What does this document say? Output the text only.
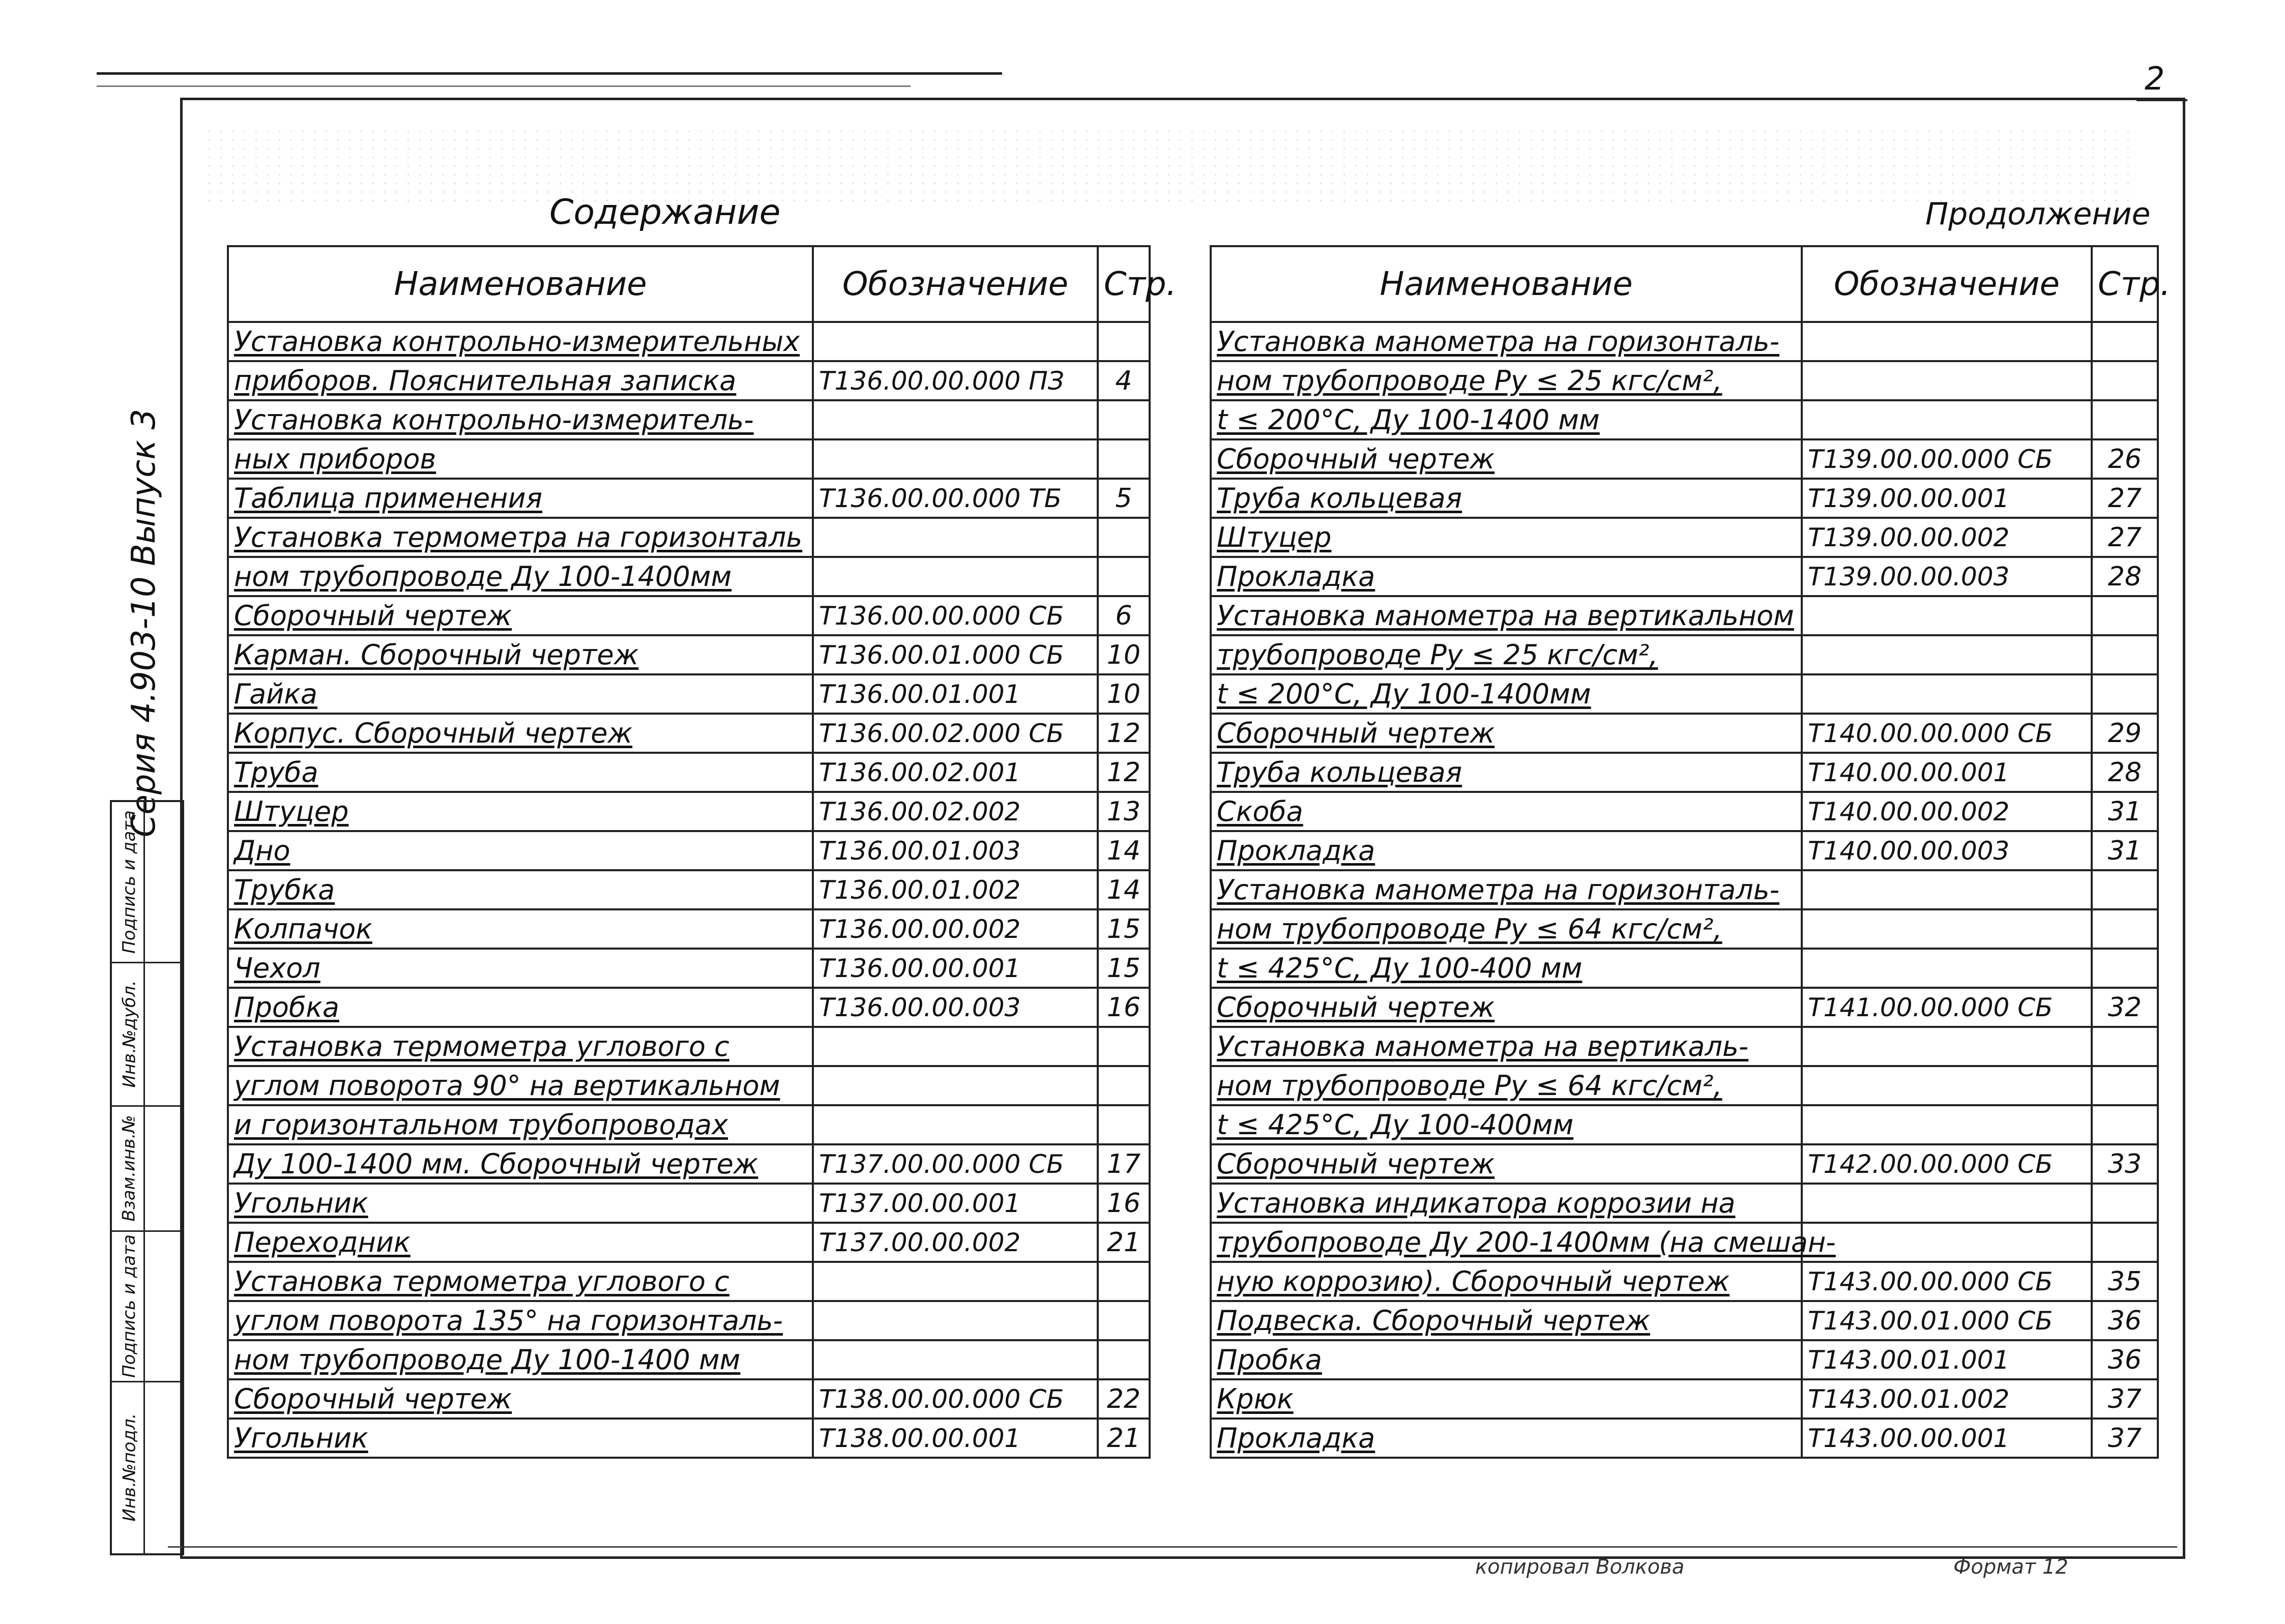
2
Серия 4.903-10 Выпуск 3
Инв.№подл.
Подпись и дата
Взам.инв.№
Инв.№дубл.
Подпись и дата
Содержание	Продолжение
Наименование	Обозначение	Стр.
Установка контрольно-измерительных		
приборов. Пояснительная записка	Т136.00.00.000 ПЗ	4
Установка контрольно-измеритель-		
ных приборов		
Таблица применения	Т136.00.00.000 ТБ	5
Установка термометра на горизонталь		
ном трубопроводе Ду 100-1400мм		
Сборочный чертеж	Т136.00.00.000 СБ	6
Карман. Сборочный чертеж	Т136.00.01.000 СБ	10
Гайка	Т136.00.01.001	10
Корпус. Сборочный чертеж	Т136.00.02.000 СБ	12
Труба	Т136.00.02.001	12
Штуцер	Т136.00.02.002	13
Дно	Т136.00.01.003	14
Трубка	Т136.00.01.002	14
Колпачок	Т136.00.00.002	15
Чехол	Т136.00.00.001	15
Пробка	Т136.00.00.003	16
Установка термометра углового с		
углом поворота 90° на вертикальном		
и горизонтальном трубопроводах		
Ду 100-1400 мм. Сборочный чертеж	Т137.00.00.000 СБ	17
Угольник	Т137.00.00.001	16
Переходник	Т137.00.00.002	21
Установка термометра углового с		
углом поворота 135° на горизонталь-		
ном трубопроводе Ду 100-1400 мм		
Сборочный чертеж	Т138.00.00.000 СБ	22
Угольник	Т138.00.00.001	21
Наименование	Обозначение	Стр.
Установка манометра на горизонталь-		
ном трубопроводе Ру ≤ 25 кгс/см²,		
t ≤ 200°С, Ду 100-1400 мм		
Сборочный чертеж	Т139.00.00.000 СБ	26
Труба кольцевая	Т139.00.00.001	27
Штуцер	Т139.00.00.002	27
Прокладка	Т139.00.00.003	28
Установка манометра на вертикальном		
трубопроводе Ру ≤ 25 кгс/см²,		
t ≤ 200°С, Ду 100-1400мм		
Сборочный чертеж	Т140.00.00.000 СБ	29
Труба кольцевая	Т140.00.00.001	28
Скоба	Т140.00.00.002	31
Прокладка	Т140.00.00.003	31
Установка манометра на горизонталь-		
ном трубопроводе Ру ≤ 64 кгс/см²,		
t ≤ 425°С, Ду 100-400 мм		
Сборочный чертеж	Т141.00.00.000 СБ	32
Установка манометра на вертикаль-		
ном трубопроводе Ру ≤ 64 кгс/см²,		
t ≤ 425°С, Ду 100-400мм		
Сборочный чертеж	Т142.00.00.000 СБ	33
Установка индикатора коррозии на		
трубопроводе Ду 200-1400мм (на смешан-		
ную коррозию). Сборочный чертеж	Т143.00.00.000 СБ	35
Подвеска. Сборочный чертеж	Т143.00.01.000 СБ	36
Пробка	Т143.00.01.001	36
Крюк	Т143.00.01.002	37
Прокладка	Т143.00.00.001	37
копировал Волкова	Формат 12
